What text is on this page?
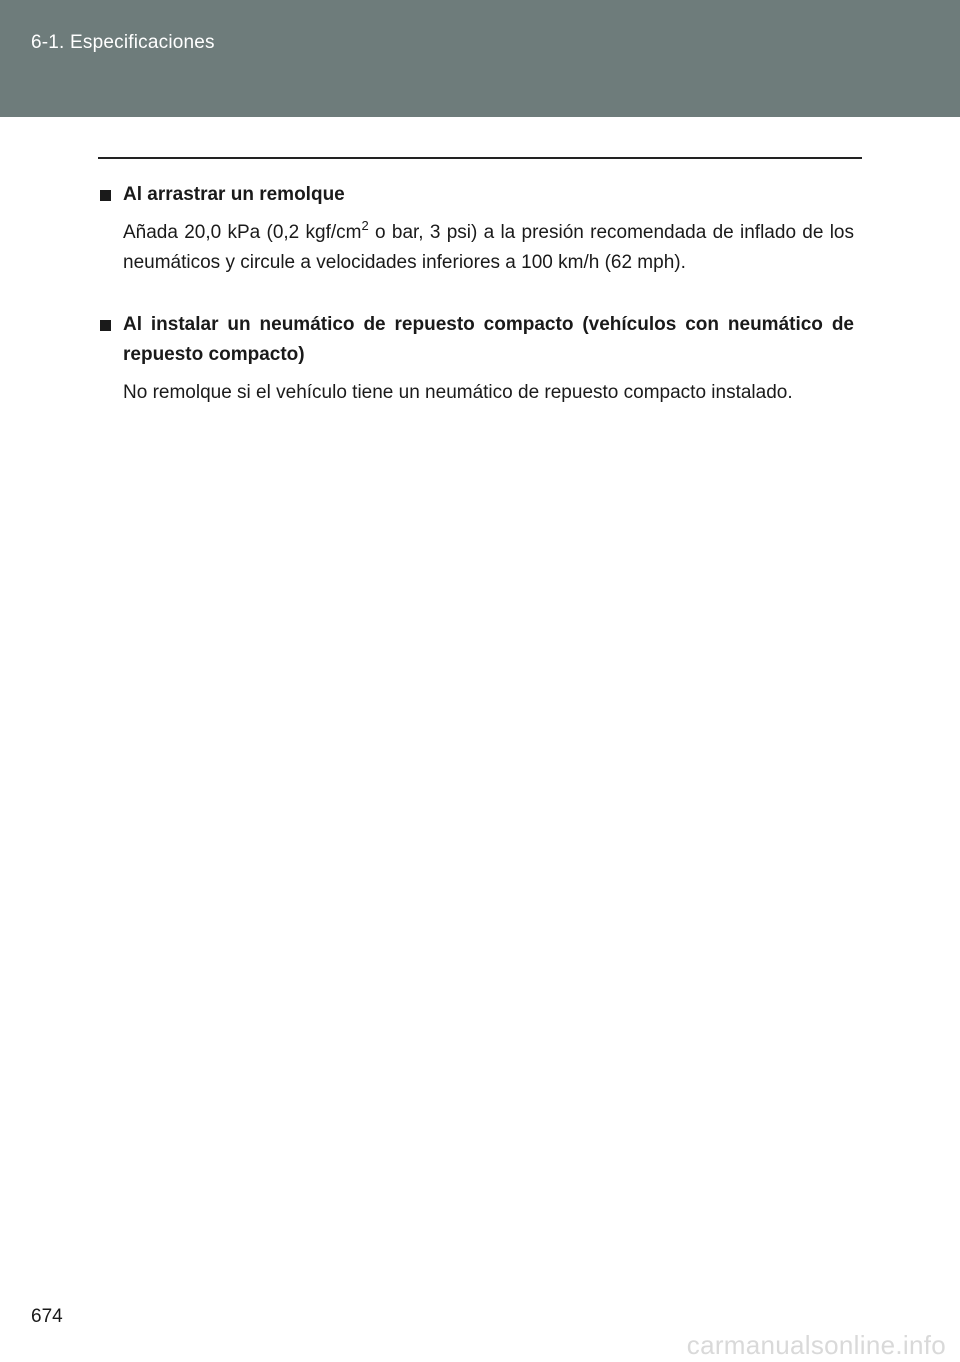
6-1. Especificaciones
Al arrastrar un remolque
Añada 20,0 kPa (0,2 kgf/$cm^2$ o bar, 3 psi) a la presión recomendada de inflado de los neumáticos y circule a velocidades inferiores a 100 km/h (62 mph).
Al instalar un neumático de repuesto compacto (vehículos con neumático de repuesto compacto)
No remolque si el vehículo tiene un neumático de repuesto compacto instalado.
674
carmanualsonline.info
